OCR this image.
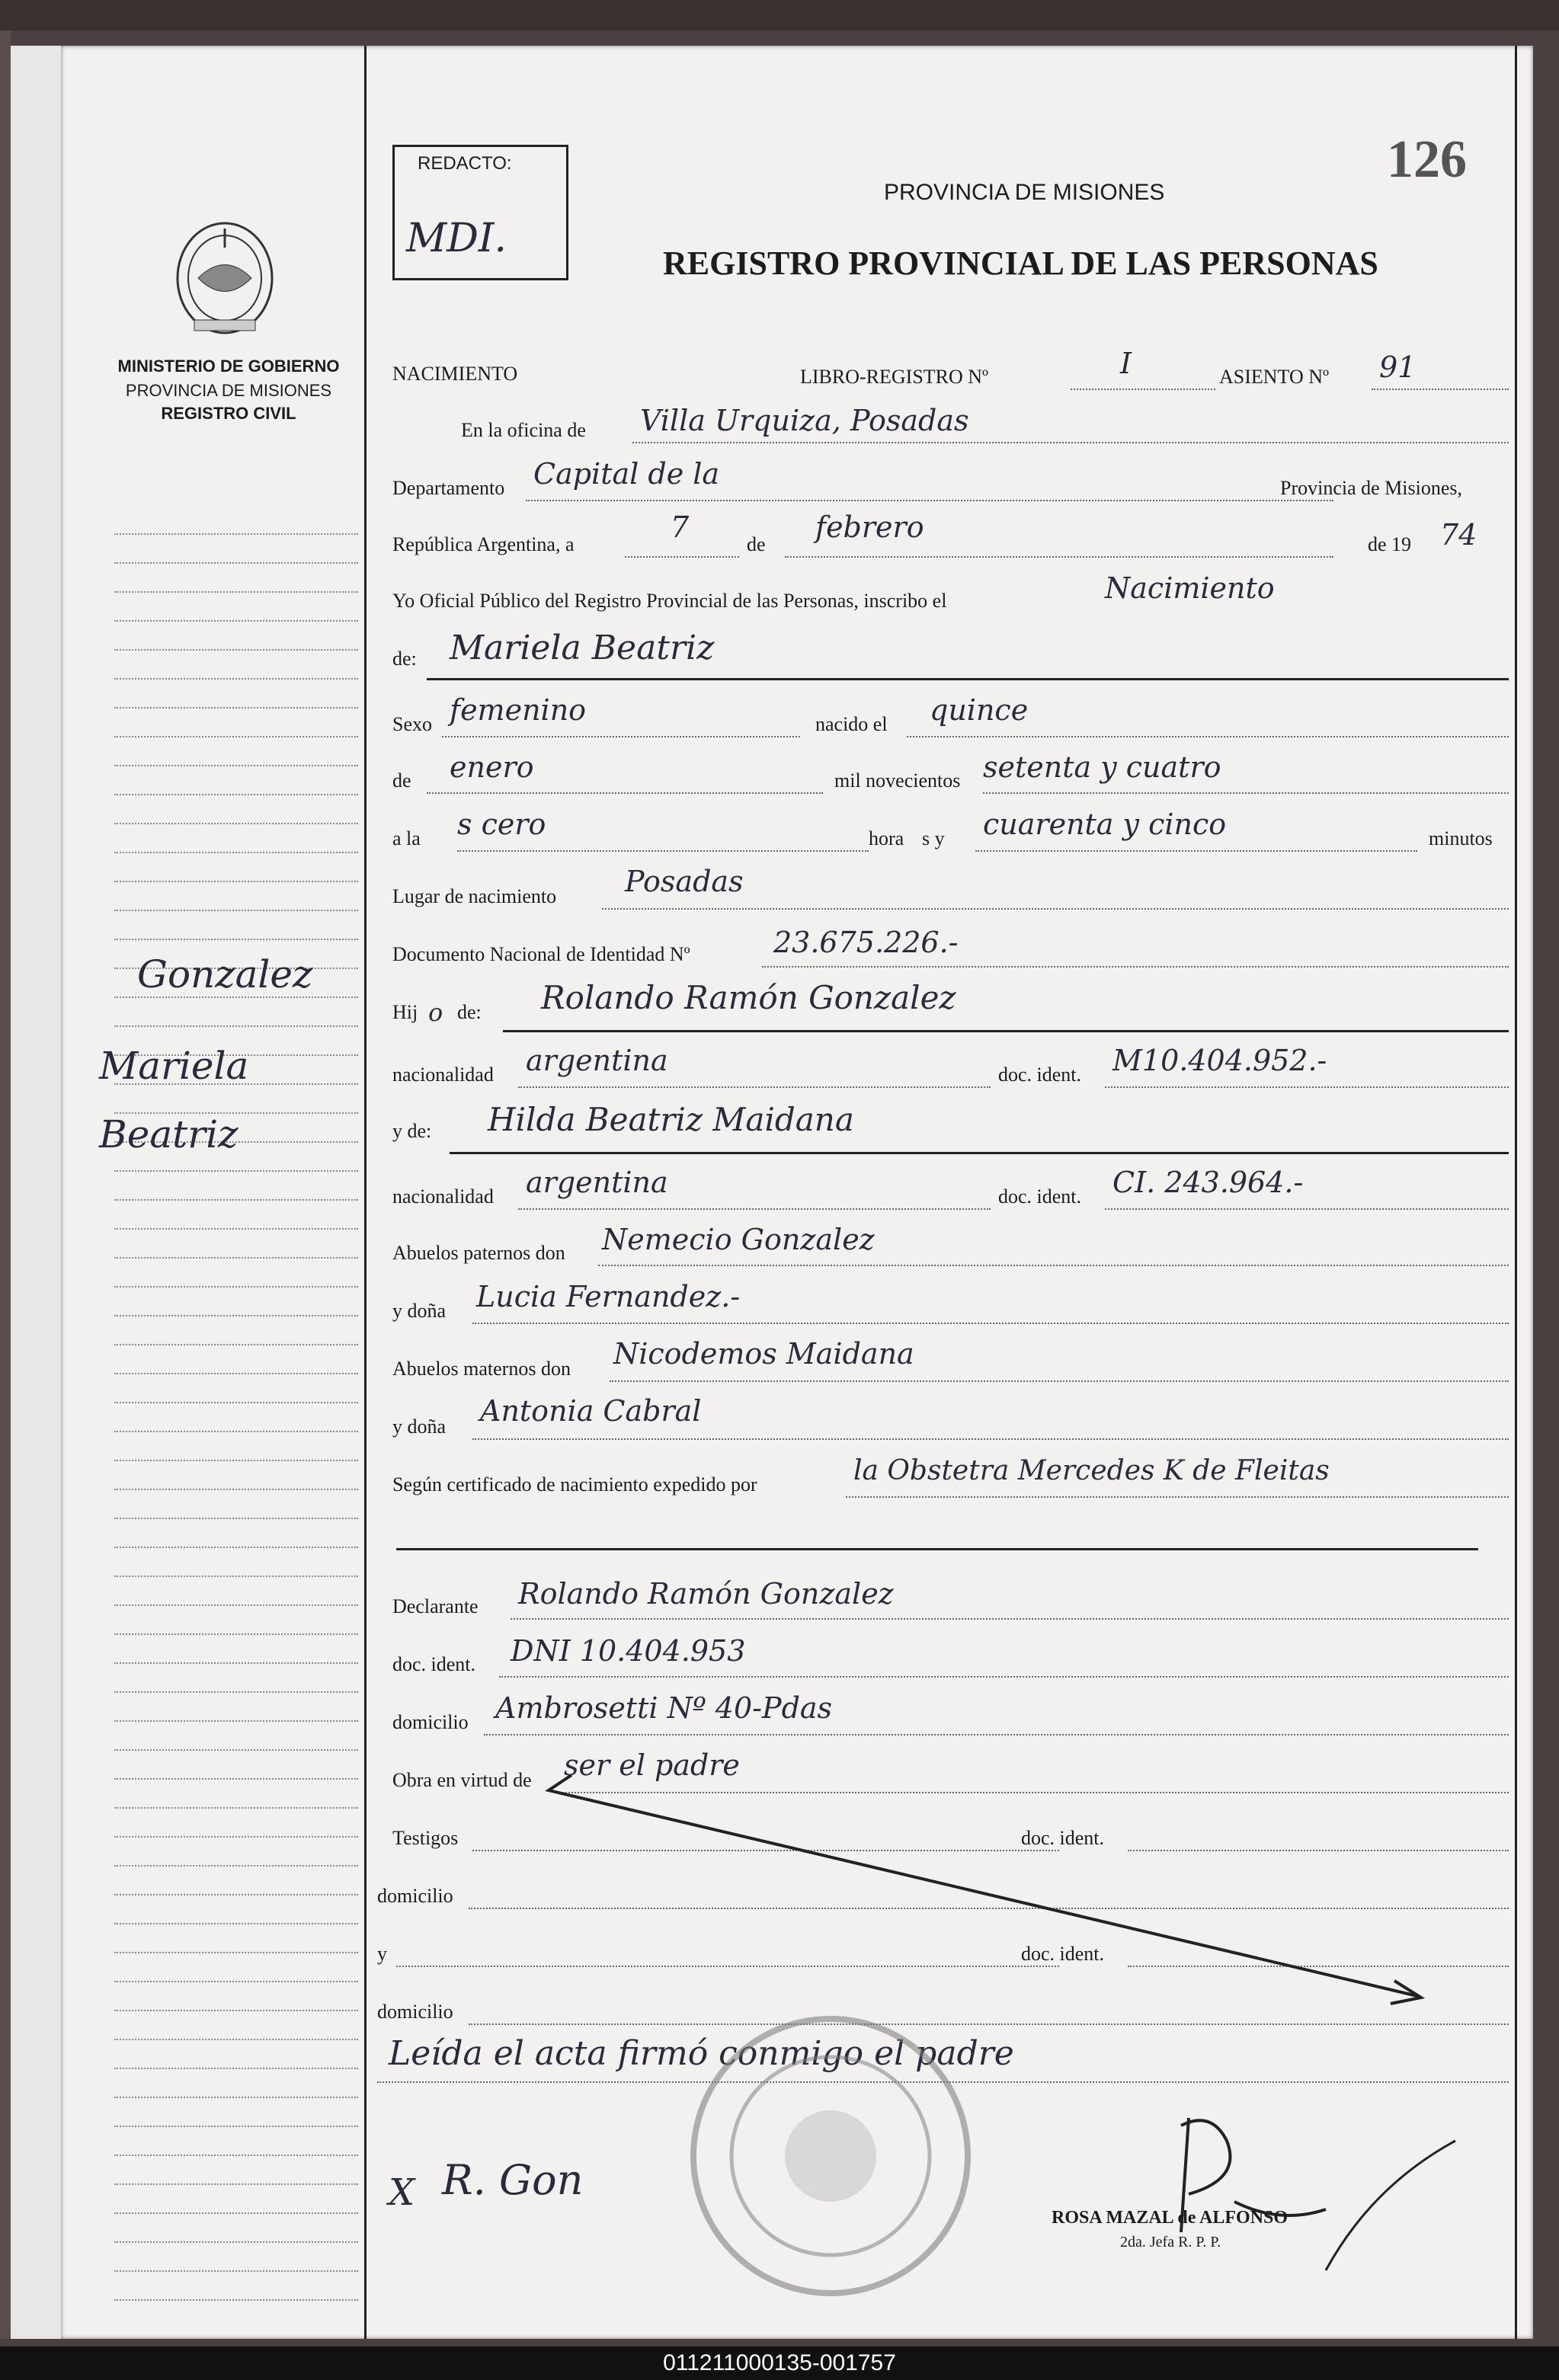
MINISTERIO DE GOBIERNO
PROVINCIA DE MISIONES
REGISTRO CIVIL
Gonzalez
Mariela
Beatriz
REDACTO:
MDI.
126
PROVINCIA DE MISIONES
REGISTRO PROVINCIAL DE LAS PERSONAS
NACIMIENTO	LIBRO-REGISTRO Nº	I	ASIENTO Nº 91
En la oficina de Villa Urquiza, Posadas
Departamento Capital de la	Provincia de Misiones,
República Argentina, a
7
de
febrero
de 19 74
Yo Oficial Público del Registro Provincial de las Personas, inscribo el	Nacimiento
de: Mariela Beatriz
Sexo femenino	nacido el quince
de enero	mil novecientos setenta y cuatro
a la s cero	hora s y cuarenta y cinco	minutos
Lugar de nacimiento Posadas
Documento Nacional de Identidad Nº	23.675.226.-
Hij o de: Rolando Ramón Gonzalez
nacionalidad argentina	doc. ident. M10.404.952.-
y de: Hilda Beatriz Maidana
nacionalidad argentina	doc. ident. CI. 243.964.-
Abuelos paternos don Nemecio Gonzalez
y doña Lucia Fernandez.-
Abuelos maternos don Nicodemos Maidana
y doña Antonia Cabral
Según certificado de nacimiento expedido por	la Obstetra Mercedes K de Fleitas
Declarante Rolando Ramón Gonzalez
doc. ident. DNI 10.404.953
domicilio Ambrosetti Nº 40-Pdas
Obra en virtud de ser el padre
Testigos	doc. ident.
domicilio
y	doc. ident.
domicilio
Leída el acta firmó conmigo el padre
X R. Gon
ROSA MAZAL de ALFONSO
2da. Jefa R. P. P.
011211000135-001757
